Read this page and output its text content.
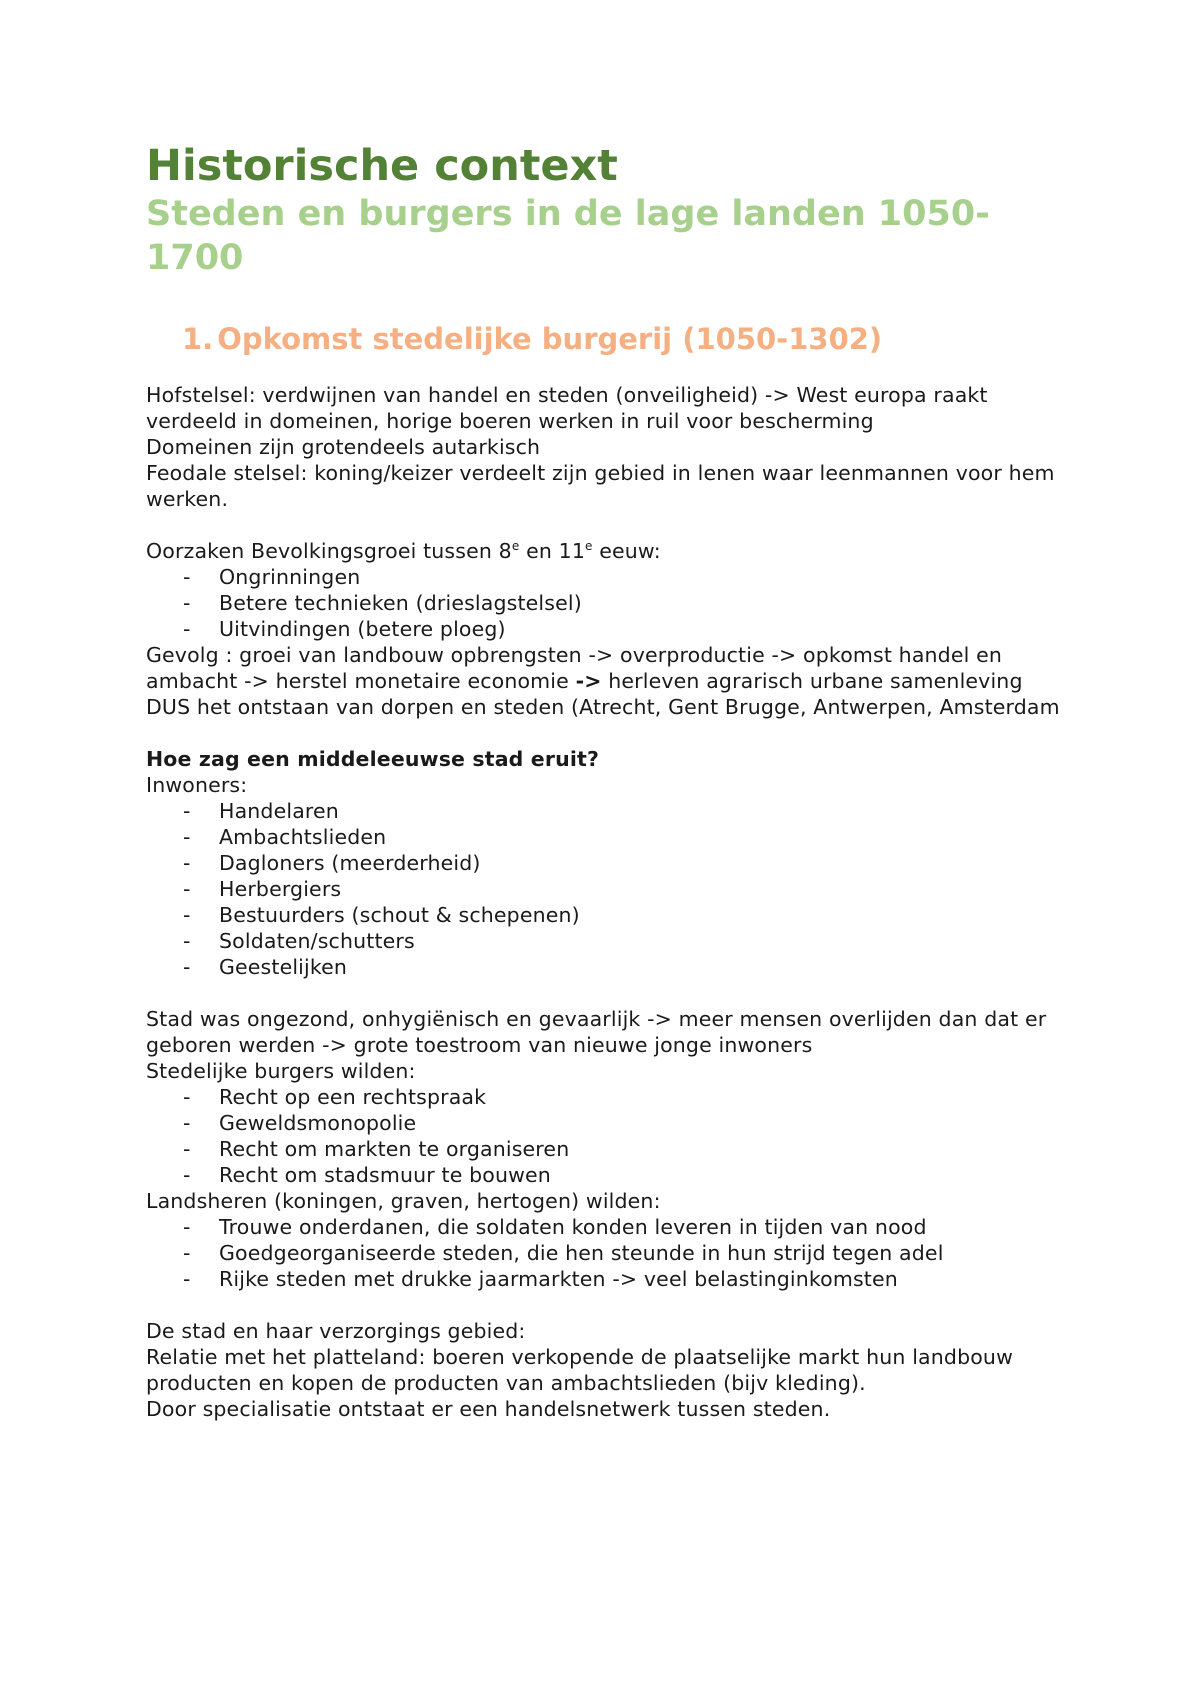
Historische context
Steden en burgers in de lage landen 1050-1700
1. Opkomst stedelijke burgerij (1050-1302)

Hofstelsel: verdwijnen van handel en steden (onveiligheid) -> West europa raakt verdeeld in domeinen, horige boeren werken in ruil voor bescherming

Domeinen zijn grotendeels autarkisch

Feodale stelsel: koning/keizer verdeelt zijn gebied in lenen waar leenmannen voor hem werken.

Oorzaken Bevolkingsgroei tussen 8e en 11e eeuw:

- Ongrinningen
- Betere technieken (drieslagstelsel)
- Uitvindingen (betere ploeg)

Gevolg : groei van landbouw opbrengsten -> overproductie -> opkomst handel en ambacht -> herstel monetaire economie -> herleven agrarisch urbane samenleving DUS het ontstaan van dorpen en steden (Atrecht, Gent Brugge, Antwerpen, Amsterdam

Hoe zag een middeleeuwse stad eruit?

Inwoners:

- Handelaren
- Ambachtslieden
- Dagloners (meerderheid)
- Herbergiers
- Bestuurders (schout & schepenen)
- Soldaten/schutters
- Geestelijken

Stad was ongezond, onhygiënisch en gevaarlijk -> meer mensen overlijden dan dat er geboren werden -> grote toestroom van nieuwe jonge inwoners

Stedelijke burgers wilden:

- Recht op een rechtspraak
- Geweldsmonopolie
- Recht om markten te organiseren
- Recht om stadsmuur te bouwen

Landsheren (koningen, graven, hertogen) wilden:

- Trouwe onderdanen, die soldaten konden leveren in tijden van nood
- Goedgeorganiseerde steden, die hen steunde in hun strijd tegen adel
- Rijke steden met drukke jaarmarkten -> veel belastinginkomsten

De stad en haar verzorgings gebied:

Relatie met het platteland: boeren verkopende de plaatselijke markt hun landbouw producten en kopen de producten van ambachtslieden (bijv kleding).

Door specialisatie ontstaat er een handelsnetwerk tussen steden.
